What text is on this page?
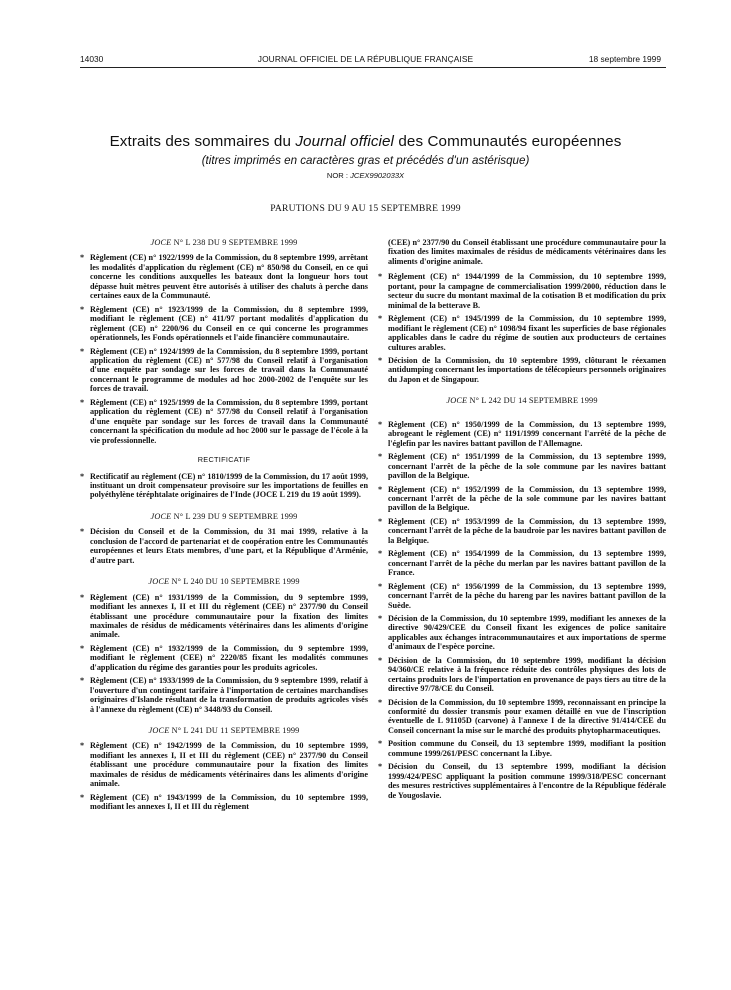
14030	JOURNAL OFFICIEL DE LA RÉPUBLIQUE FRANÇAISE	18 septembre 1999
Extraits des sommaires du Journal officiel des Communautés européennes
(titres imprimés en caractères gras et précédés d'un astérisque)
NOR : JCEX9902033X
PARUTIONS DU 9 AU 15 SEPTEMBRE 1999
JOCE N° L 238 DU 9 SEPTEMBRE 1999
* Règlement (CE) n° 1922/1999 de la Commission, du 8 septembre 1999, arrêtant les modalités d'application du règlement (CE) n° 850/98 du Conseil, en ce qui concerne les conditions auxquelles les bateaux dont la longueur hors tout dépasse huit mètres peuvent être autorisés à utiliser des chaluts à perche dans certaines eaux de la Communauté.
* Règlement (CE) n° 1923/1999 de la Commission, du 8 septembre 1999, modifiant le règlement (CE) n° 411/97 portant modalités d'application du règlement (CE) n° 2200/96 du Conseil en ce qui concerne les programmes opérationnels, les Fonds opérationnels et l'aide financière communautaire.
* Règlement (CE) n° 1924/1999 de la Commission, du 8 septembre 1999, portant application du règlement (CE) n° 577/98 du Conseil relatif à l'organisation d'une enquête par sondage sur les forces de travail dans la Communauté concernant le programme de modules ad hoc 2000-2002 de l'enquête sur les forces de travail.
* Règlement (CE) n° 1925/1999 de la Commission, du 8 septembre 1999, portant application du règlement (CE) n° 577/98 du Conseil relatif à l'organisation d'une enquête par sondage sur les forces de travail dans la Communauté concernant la spécification du module ad hoc 2000 sur le passage de l'école à la vie professionnelle.
RECTIFICATIF
* Rectificatif au règlement (CE) n° 1810/1999 de la Commission, du 17 août 1999, instituant un droit compensateur provisoire sur les importations de feuilles en polyéthylène téréphtalate originaires de l'Inde (JOCE L 219 du 19 août 1999).
JOCE N° L 239 DU 9 SEPTEMBRE 1999
* Décision du Conseil et de la Commission, du 31 mai 1999, relative à la conclusion de l'accord de partenariat et de coopération entre les Communautés européennes et leurs Etats membres, d'une part, et la République d'Arménie, d'autre part.
JOCE N° L 240 DU 10 SEPTEMBRE 1999
* Règlement (CE) n° 1931/1999 de la Commission, du 9 septembre 1999, modifiant les annexes I, II et III du règlement (CEE) n° 2377/90 du Conseil établissant une procédure communautaire pour la fixation des limites maximales de résidus de médicaments vétérinaires dans les aliments d'origine animale.
* Règlement (CE) n° 1932/1999 de la Commission, du 9 septembre 1999, modifiant le règlement (CEE) n° 2220/85 fixant les modalités communes d'application du régime des garanties pour les produits agricoles.
* Règlement (CE) n° 1933/1999 de la Commission, du 9 septembre 1999, relatif à l'ouverture d'un contingent tarifaire à l'importation de certaines marchandises originaires d'Islande résultant de la transformation de produits agricoles visés à l'annexe du règlement (CE) n° 3448/93 du Conseil.
JOCE N° L 241 DU 11 SEPTEMBRE 1999
* Règlement (CE) n° 1942/1999 de la Commission, du 10 septembre 1999, modifiant les annexes I, II et III du règlement (CEE) n° 2377/90 du Conseil établissant une procédure communautaire pour la fixation des limites maximales de résidus de médicaments vétérinaires dans les aliments d'origine animale.
* Règlement (CE) n° 1943/1999 de la Commission, du 10 septembre 1999, modifiant les annexes I, II et III du règlement
(CEE) n° 2377/90 du Conseil établissant une procédure communautaire pour la fixation des limites maximales de résidus de médicaments vétérinaires dans les aliments d'origine animale.
* Règlement (CE) n° 1944/1999 de la Commission, du 10 septembre 1999, portant, pour la campagne de commercialisation 1999/2000, réduction dans le secteur du sucre du montant maximal de la cotisation B et modification du prix minimal de la betterave B.
* Règlement (CE) n° 1945/1999 de la Commission, du 10 septembre 1999, modifiant le règlement (CE) n° 1098/94 fixant les superficies de base régionales applicables dans le cadre du régime de soutien aux producteurs de certaines cultures arables.
* Décision de la Commission, du 10 septembre 1999, clôturant le réexamen antidumping concernant les importations de télécopieurs personnels originaires du Japon et de Singapour.
JOCE N° L 242 DU 14 SEPTEMBRE 1999
* Règlement (CE) n° 1950/1999 de la Commission, du 13 septembre 1999, abrogeant le règlement (CE) n° 1191/1999 concernant l'arrêté de la pêche de l'églefin par les navires battant pavillon de l'Allemagne.
* Règlement (CE) n° 1951/1999 de la Commission, du 13 septembre 1999, concernant l'arrêt de la pêche de la sole commune par les navires battant pavillon de la Belgique.
* Règlement (CE) n° 1952/1999 de la Commission, du 13 septembre 1999, concernant l'arrêt de la pêche de la sole commune par les navires battant pavillon de la Belgique.
* Règlement (CE) n° 1953/1999 de la Commission, du 13 septembre 1999, concernant l'arrêt de la pêche de la baudroie par les navires battant pavillon de la Belgique.
* Règlement (CE) n° 1954/1999 de la Commission, du 13 septembre 1999, concernant l'arrêt de la pêche du merlan par les navires battant pavillon de la France.
* Règlement (CE) n° 1956/1999 de la Commission, du 13 septembre 1999, concernant l'arrêt de la pêche du hareng par les navires battant pavillon de la Suède.
* Décision de la Commission, du 10 septembre 1999, modifiant les annexes de la directive 90/429/CEE du Conseil fixant les exigences de police sanitaire applicables aux échanges intracommunautaires et aux importations de sperme d'animaux de l'espèce porcine.
* Décision de la Commission, du 10 septembre 1999, modifiant la décision 94/360/CE relative à la fréquence réduite des contrôles physiques des lots de certains produits lors de l'importation en provenance de pays tiers au titre de la directive 97/78/CE du Conseil.
* Décision de la Commission, du 10 septembre 1999, reconnaissant en principe la conformité du dossier transmis pour examen détaillé en vue de l'inscription éventuelle de L 91105D (carvone) à l'annexe I de la directive 91/414/CEE du Conseil concernant la mise sur le marché des produits phytopharmaceutiques.
* Position commune du Conseil, du 13 septembre 1999, modifiant la position commune 1999/261/PESC concernant la Libye.
* Décision du Conseil, du 13 septembre 1999, modifiant la décision 1999/424/PESC appliquant la position commune 1999/318/PESC concernant des mesures restrictives supplémentaires à l'encontre de la République fédérale de Yougoslavie.
